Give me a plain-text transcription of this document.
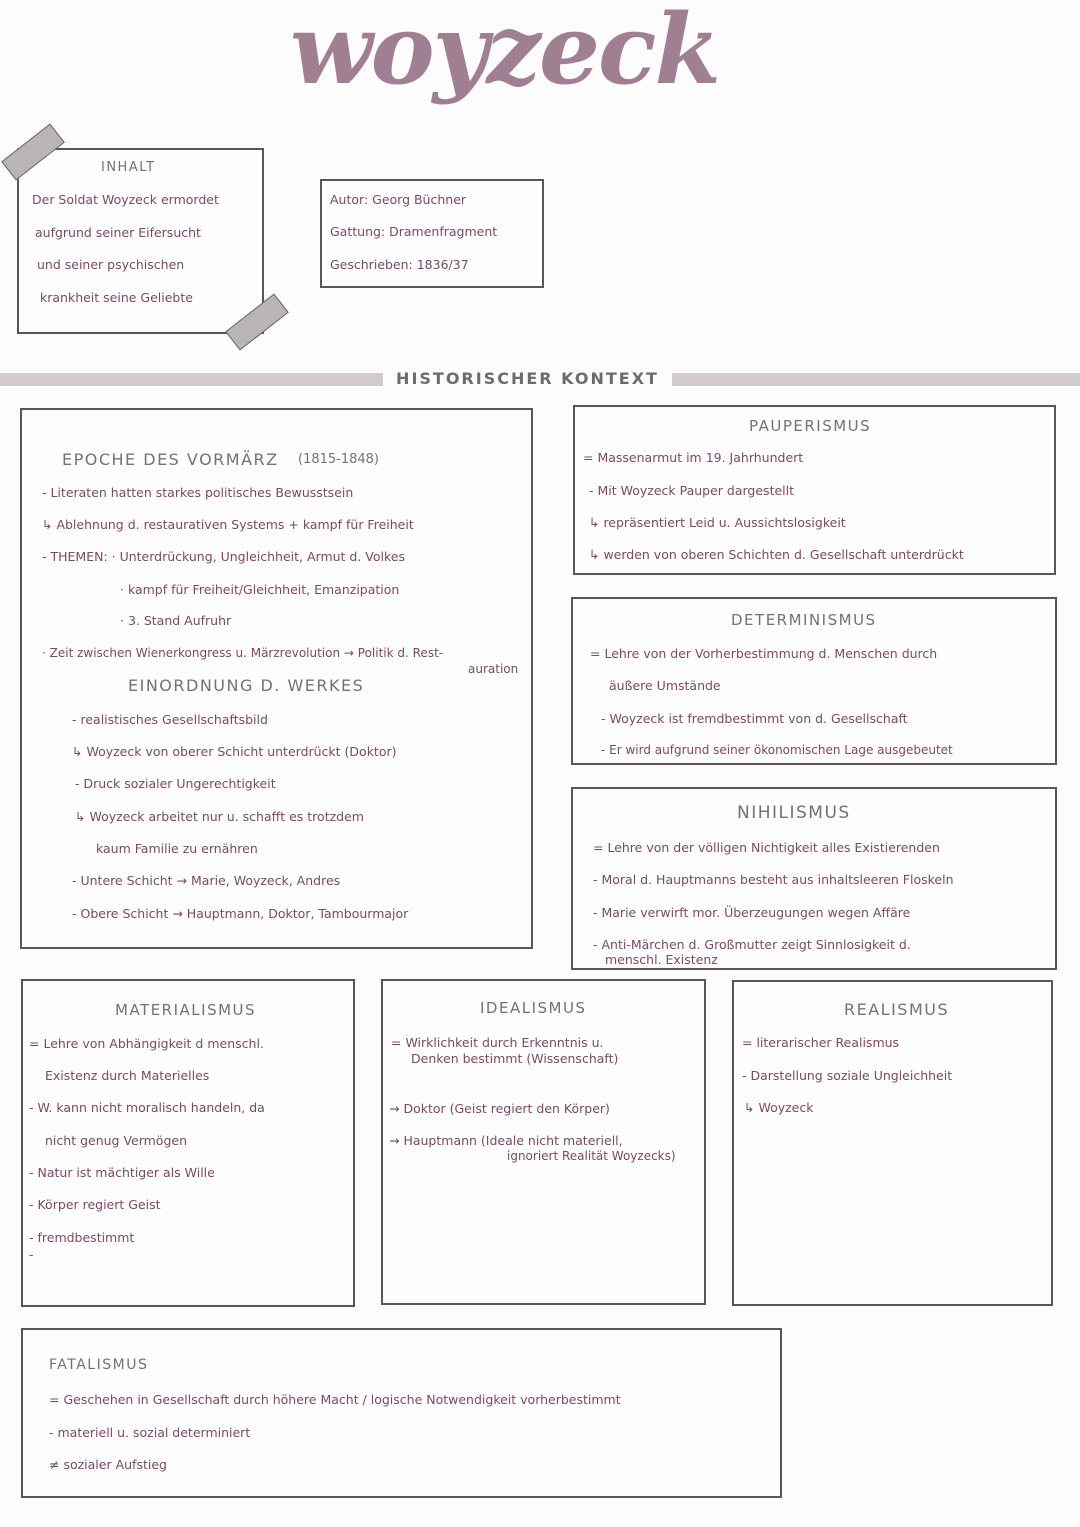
woyzeck
INHALT
Der Soldat Woyzeck ermordet
aufgrund seiner Eifersucht
und seiner psychischen
krankheit seine Geliebte
Autor: Georg Büchner
Gattung: Dramenfragment
Geschrieben: 1836/37
HISTORISCHER KONTEXT
EPOCHE DES VORMÄRZ (1815-1848)
- Literaten hatten starkes politisches Bewusstsein
↳ Ablehnung d. restaurativen Systems + kampf für Freiheit
- THEMEN: · Unterdrückung, Ungleichheit, Armut d. Volkes
· kampf für Freiheit/Gleichheit, Emanzipation
· 3. Stand Aufruhr
· Zeit zwischen Wienerkongress u. Märzrevolution → Politik d. Rest-
auration
EINORDNUNG D. WERKES
- realistisches Gesellschaftsbild
↳ Woyzeck von oberer Schicht unterdrückt (Doktor)
- Druck sozialer Ungerechtigkeit
↳ Woyzeck arbeitet nur u. schafft es trotzdem
kaum Familie zu ernähren
- Untere Schicht → Marie, Woyzeck, Andres
- Obere Schicht → Hauptmann, Doktor, Tambourmajor
PAUPERISMUS
= Massenarmut im 19. Jahrhundert
- Mit Woyzeck Pauper dargestellt
↳ repräsentiert Leid u. Aussichtslosigkeit
↳ werden von oberen Schichten d. Gesellschaft unterdrückt
DETERMINISMUS
= Lehre von der Vorherbestimmung d. Menschen durch
äußere Umstände
- Woyzeck ist fremdbestimmt von d. Gesellschaft
- Er wird aufgrund seiner ökonomischen Lage ausgebeutet
NIHILISMUS
= Lehre von der völligen Nichtigkeit alles Existierenden
- Moral d. Hauptmanns besteht aus inhaltsleeren Floskeln
- Marie verwirft mor. Überzeugungen wegen Affäre
- Anti-Märchen d. Großmutter zeigt Sinnlosigkeit d.
menschl. Existenz
MATERIALISMUS
= Lehre von Abhängigkeit d menschl.
Existenz durch Materielles
- W. kann nicht moralisch handeln, da
nicht genug Vermögen
- Natur ist mächtiger als Wille
- Körper regiert Geist
- fremdbestimmt
-
IDEALISMUS
= Wirklichkeit durch Erkenntnis u.
Denken bestimmt (Wissenschaft)
→ Doktor (Geist regiert den Körper)
→ Hauptmann (Ideale nicht materiell,
ignoriert Realität Woyzecks)
REALISMUS
= literarischer Realismus
- Darstellung soziale Ungleichheit
↳ Woyzeck
FATALISMUS
= Geschehen in Gesellschaft durch höhere Macht / logische Notwendigkeit vorherbestimmt
- materiell u. sozial determiniert
≠ sozialer Aufstieg
